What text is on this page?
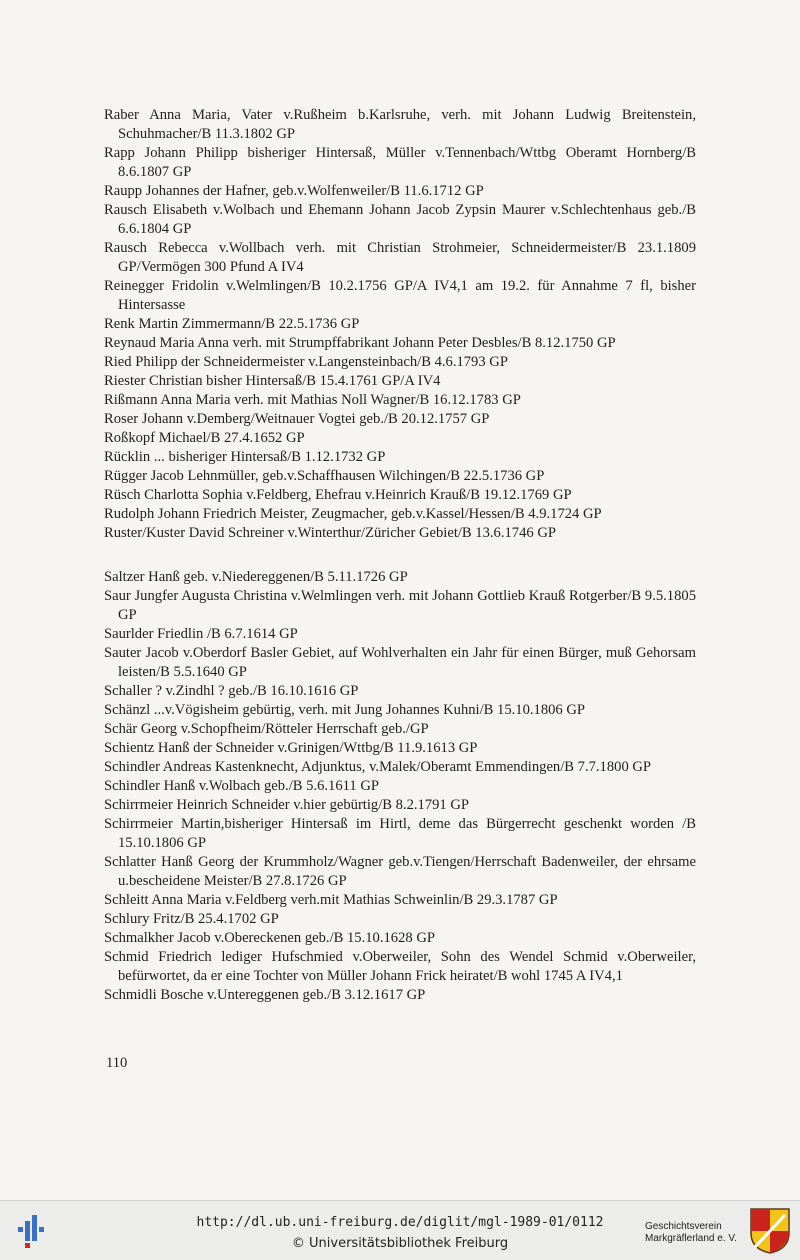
Raber Anna Maria, Vater v.Rußheim b.Karlsruhe, verh. mit Johann Ludwig Breitenstein, Schuhmacher/B 11.3.1802 GP
Rapp Johann Philipp bisheriger Hintersaß, Müller v.Tennenbach/Wttbg Oberamt Hornberg/B 8.6.1807 GP
Raupp Johannes der Hafner, geb.v.Wolfenweiler/B 11.6.1712 GP
Rausch Elisabeth v.Wolbach und Ehemann Johann Jacob Zypsin Maurer v.Schlechtenhaus geb./B 6.6.1804 GP
Rausch Rebecca v.Wollbach verh. mit Christian Strohmeier, Schneidermeister/B 23.1.1809 GP/Vermögen 300 Pfund A IV4
Reinegger Fridolin v.Welmlingen/B 10.2.1756 GP/A IV4,1 am 19.2. für Annahme 7 fl, bisher Hintersasse
Renk Martin Zimmermann/B 22.5.1736 GP
Reynaud Maria Anna verh. mit Strumpffabrikant Johann Peter Desbles/B 8.12.1750 GP
Ried Philipp der Schneidermeister v.Langensteinbach/B 4.6.1793 GP
Riester Christian bisher Hintersaß/B 15.4.1761 GP/A IV4
Rißmann Anna Maria verh. mit Mathias Noll Wagner/B 16.12.1783 GP
Roser Johann v.Demberg/Weitnauer Vogtei geb./B 20.12.1757 GP
Roßkopf Michael/B 27.4.1652 GP
Rücklin ... bisheriger Hintersaß/B 1.12.1732 GP
Rügger Jacob Lehnmüller, geb.v.Schaffhausen Wilchingen/B 22.5.1736 GP
Rüsch Charlotta Sophia v.Feldberg, Ehefrau v.Heinrich Krauß/B 19.12.1769 GP
Rudolph Johann Friedrich Meister, Zeugmacher, geb.v.Kassel/Hessen/B 4.9.1724 GP
Ruster/Kuster David Schreiner v.Winterthur/Züricher Gebiet/B 13.6.1746 GP
Saltzer Hanß geb. v.Niedereggenen/B 5.11.1726 GP
Saur Jungfer Augusta Christina v.Welmlingen verh. mit Johann Gottlieb Krauß Rotgerber/B 9.5.1805 GP
Saurlder Friedlin /B 6.7.1614 GP
Sauter Jacob v.Oberdorf Basler Gebiet, auf Wohlverhalten ein Jahr für einen Bürger, muß Gehorsam leisten/B 5.5.1640 GP
Schaller ? v.Zindhl ? geb./B 16.10.1616 GP
Schänzl ...v.Vögisheim gebürtig, verh. mit Jung Johannes Kuhni/B 15.10.1806 GP
Schär Georg v.Schopfheim/Rötteler Herrschaft geb./GP
Schientz Hanß der Schneider v.Grinigen/Wttbg/B 11.9.1613 GP
Schindler Andreas Kastenknecht, Adjunktus, v.Malek/Oberamt Emmendingen/B 7.7.1800 GP
Schindler Hanß v.Wolbach geb./B 5.6.1611 GP
Schirrmeier Heinrich Schneider v.hier gebürtig/B 8.2.1791 GP
Schirrmeier Martin,bisheriger Hintersaß im Hirtl, deme das Bürgerrecht geschenkt worden /B 15.10.1806 GP
Schlatter Hanß Georg der Krummholz/Wagner geb.v.Tiengen/Herrschaft Badenweiler, der ehrsame u.bescheidene Meister/B 27.8.1726 GP
Schleitt Anna Maria v.Feldberg verh.mit Mathias Schweinlin/B 29.3.1787 GP
Schlury Fritz/B 25.4.1702 GP
Schmalkher Jacob v.Obereckenen geb./B 15.10.1628 GP
Schmid Friedrich lediger Hufschmied v.Oberweiler, Sohn des Wendel Schmid v.Oberweiler, befürwortet, da er eine Tochter von Müller Johann Frick heiratet/B wohl 1745 A IV4,1
Schmidli Bosche v.Untereggenen geb./B 3.12.1617 GP
110
http://dl.ub.uni-freiburg.de/diglit/mgl-1989-01/0112
© Universitätsbibliothek Freiburg
Geschichtsverein
Markgräflerland e. V.
